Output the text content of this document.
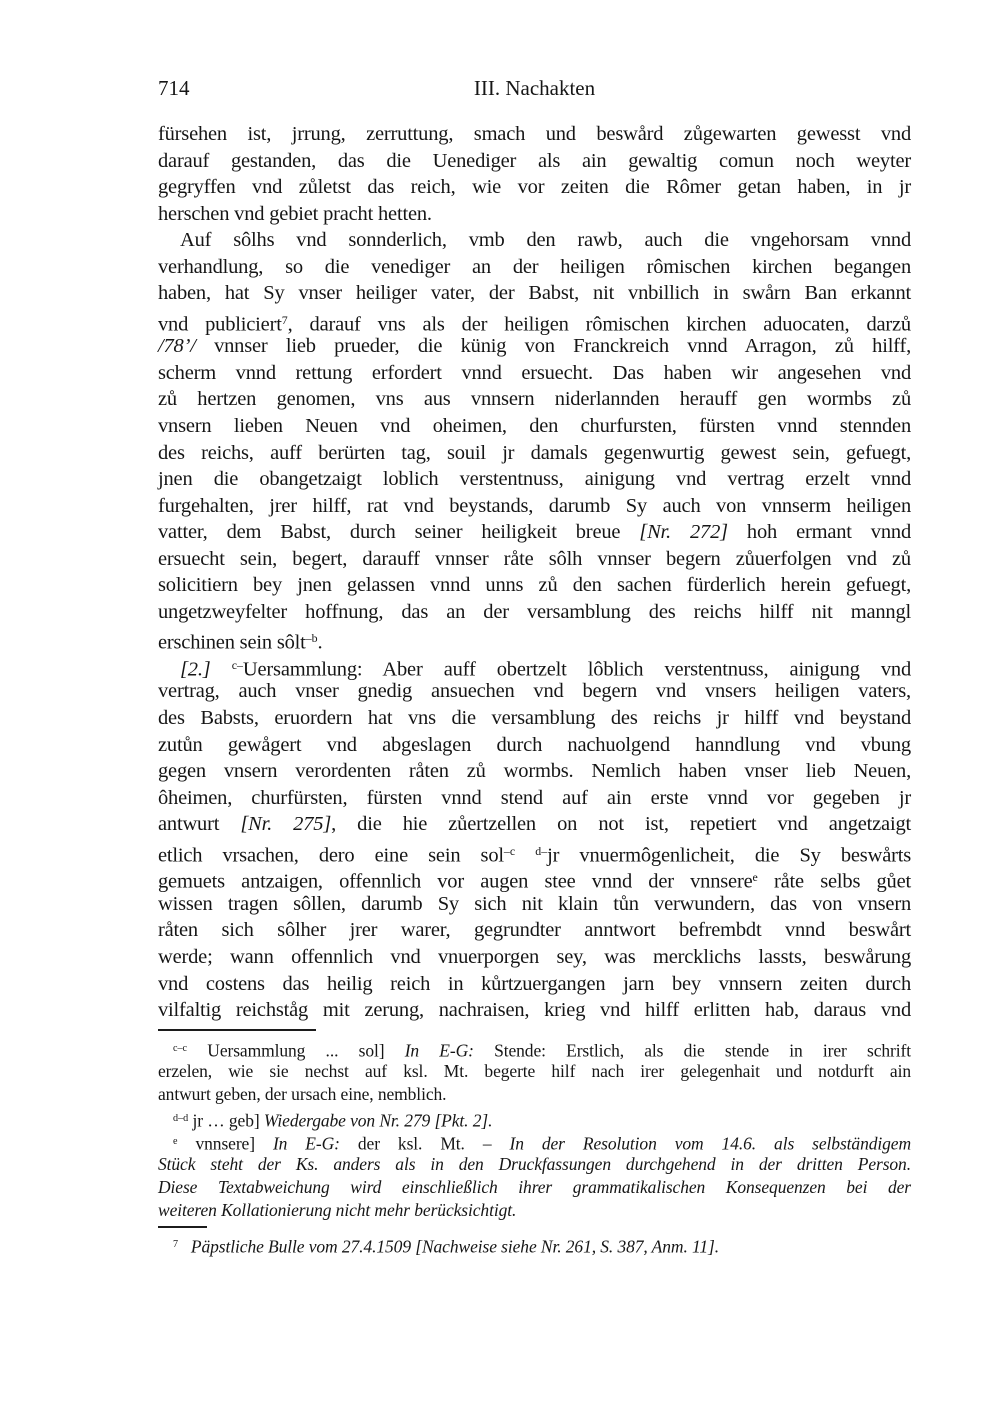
714	III. Nachakten
fürsehen ist, jrrung, zerruttung, smach und beswård zůgewarten gewesst vnd
darauf gestanden, das die Uenediger als ain gewaltig comun noch weyter
gegryffen vnd zůletst das reich, wie vor zeiten die Rômer getan haben, in jr
herschen vnd gebiet pracht hetten.
Auf sôlhs vnd sonnderlich, vmb den rawb, auch die vngehorsam vnnd
verhandlung, so die venediger an der heiligen rômischen kirchen begangen
haben, hat Sy vnser heiliger vater, der Babst, nit vnbillich in swårn Ban erkannt
vnd publiciert$^7$, darauf vns als der heiligen rômischen kirchen aduocaten, darzů
/78’/ vnnser lieb prueder, die künig von Franckreich vnnd Arragon, zů hilff,
scherm vnnd rettung erfordert vnnd ersuecht. Das haben wir angesehen vnd
zů hertzen genomen, vns aus vnnsern niderlannden herauff gen wormbs zů
vnsern lieben Neuen vnd oheimen, den churfursten, fürsten vnnd stennden
des reichs, auff berürten tag, souil jr damals gegenwurtig gewest sein, gefuegt,
jnen die obangetzaigt loblich verstentnuss, ainigung vnd vertrag erzelt vnnd
furgehalten, jrer hilff, rat vnd beystands, darumb Sy auch von vnnserm heiligen
vatter, dem Babst, durch seiner heiligkeit breue [Nr. 272] hoh ermant vnnd
ersuecht sein, begert, darauff vnnser råte sôlh vnnser begern zůuerfolgen vnd zů
solicitiern bey jnen gelassen vnnd unns zů den sachen fürderlich herein gefuegt,
ungetzweyfelter hoffnung, das an der versamblung des reichs hilff nit manngl
erschinen sein sôlt$^{-b}$.
[2.] $^{c-}$Uersammlung: Aber auff obertzelt lôblich verstentnuss, ainigung vnd
vertrag, auch vnser gnedig ansuechen vnd begern vnd vnsers heiligen vaters,
des Babsts, eruordern hat vns die versamblung des reichs jr hilff vnd beystand
zutůn gewågert vnd abgeslagen durch nachuolgend hanndlung vnd vbung
gegen vnsern verordenten råten zů wormbs. Nemlich haben vnser lieb Neuen,
ôheimen, churfürsten, fürsten vnnd stend auf ain erste vnnd vor gegeben jr
antwurt [Nr. 275], die hie zůertzellen on not ist, repetiert vnd angetzaigt
etlich vrsachen, dero eine sein sol$^{-c}$ $^{d-}$jr vnuermôgenlicheit, die Sy beswårts
gemuets antzaigen, offennlich vor augen stee vnnd der vnnsere$^e$ råte selbs gůet
wissen tragen sôllen, darumb Sy sich nit klain tůn verwundern, das von vnsern
råten sich sôlher jrer warer, gegrundter anntwort befrembdt vnnd beswårt
werde; wann offennlich vnd vnuerporgen sey, was mercklichs lassts, beswårung
vnd costens das heilig reich in kůrtzuergangen jarn bey vnnsern zeiten durch
vilfaltig reichståg mit zerung, nachraisen, krieg vnd hilff erlitten hab, daraus vnd
$^{c-c}$ Uersammlung ... sol] In E-G: Stende: Erstlich, als die stende in irer schrift
erzelen, wie sie nechst auf ksl. Mt. begerte hilf nach irer gelegenhait und notdurft ain
antwurt geben, der ursach eine, nemblich.
$^{d-d}$ jr … geb] Wiedergabe von Nr. 279 [Pkt. 2].
$^e$ vnnsere] In E-G: der ksl. Mt. – In der Resolution vom 14.6. als selbständigem
Stück steht der Ks. anders als in den Druckfassungen durchgehend in der dritten Person.
Diese Textabweichung wird einschließlich ihrer grammatikalischen Konsequenzen bei der
weiteren Kollationierung nicht mehr berücksichtigt.
$^7$ Päpstliche Bulle vom 27.4.1509 [Nachweise siehe Nr. 261, S. 387, Anm. 11].
